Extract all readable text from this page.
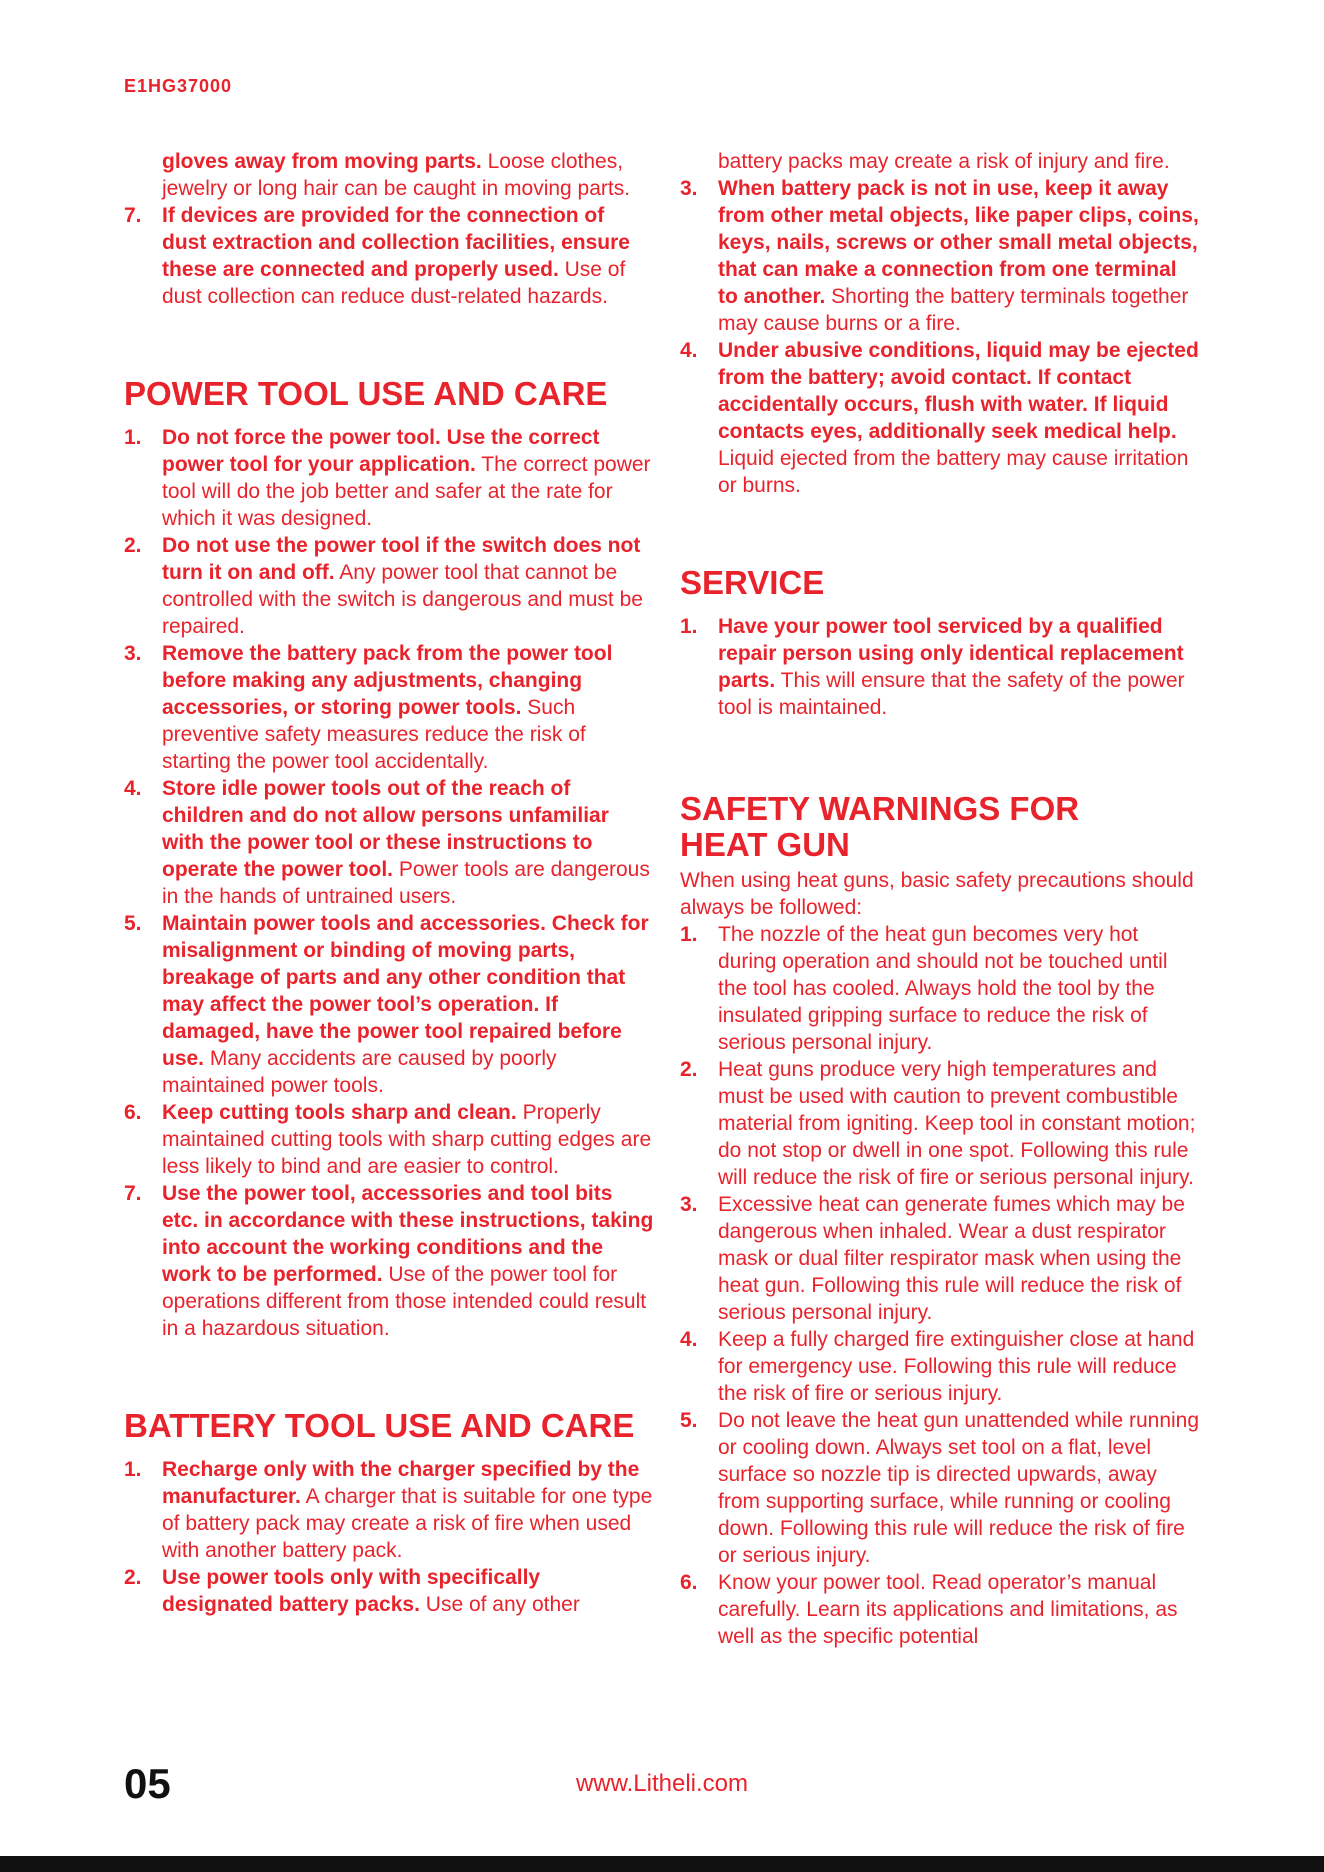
E1HG37000
gloves away from moving parts. Loose clothes, jewelry or long hair can be caught in moving parts.
7. If devices are provided for the connection of dust extraction and collection facilities, ensure these are connected and properly used. Use of dust collection can reduce dust-related hazards.
POWER TOOL USE AND CARE
1. Do not force the power tool. Use the correct power tool for your application. The correct power tool will do the job better and safer at the rate for which it was designed.
2. Do not use the power tool if the switch does not turn it on and off. Any power tool that cannot be controlled with the switch is dangerous and must be repaired.
3. Remove the battery pack from the power tool before making any adjustments, changing accessories, or storing power tools. Such preventive safety measures reduce the risk of starting the power tool accidentally.
4. Store idle power tools out of the reach of children and do not allow persons unfamiliar with the power tool or these instructions to operate the power tool. Power tools are dangerous in the hands of untrained users.
5. Maintain power tools and accessories. Check for misalignment or binding of moving parts, breakage of parts and any other condition that may affect the power tool’s operation. If damaged, have the power tool repaired before use. Many accidents are caused by poorly maintained power tools.
6. Keep cutting tools sharp and clean. Properly maintained cutting tools with sharp cutting edges are less likely to bind and are easier to control.
7. Use the power tool, accessories and tool bits etc. in accordance with these instructions, taking into account the working conditions and the work to be performed. Use of the power tool for operations different from those intended could result in a hazardous situation.
BATTERY TOOL USE AND CARE
1. Recharge only with the charger specified by the manufacturer. A charger that is suitable for one type of battery pack may create a risk of fire when used with another battery pack.
2. Use power tools only with specifically designated battery packs. Use of any other
battery packs may create a risk of injury and fire.
3. When battery pack is not in use, keep it away from other metal objects, like paper clips, coins, keys, nails, screws or other small metal objects, that can make a connection from one terminal to another. Shorting the battery terminals together may cause burns or a fire.
4. Under abusive conditions, liquid may be ejected from the battery; avoid contact. If contact accidentally occurs, flush with water. If liquid contacts eyes, additionally seek medical help. Liquid ejected from the battery may cause irritation or burns.
SERVICE
1. Have your power tool serviced by a qualified repair person using only identical replacement parts. This will ensure that the safety of the power tool is maintained.
SAFETY WARNINGS FOR
HEAT GUN

When using heat guns, basic safety precautions should always be followed:

1. The nozzle of the heat gun becomes very hot during operation and should not be touched until the tool has cooled. Always hold the tool by the insulated gripping surface to reduce the risk of serious personal injury.
2. Heat guns produce very high temperatures and must be used with caution to prevent combustible material from igniting. Keep tool in constant motion; do not stop or dwell in one spot. Following this rule will reduce the risk of fire or serious personal injury.
3. Excessive heat can generate fumes which may be dangerous when inhaled. Wear a dust respirator mask or dual filter respirator mask when using the heat gun. Following this rule will reduce the risk of serious personal injury.
4. Keep a fully charged fire extinguisher close at hand for emergency use. Following this rule will reduce the risk of fire or serious injury.
5. Do not leave the heat gun unattended while running or cooling down. Always set tool on a flat, level surface so nozzle tip is directed upwards, away from supporting surface, while running or cooling down. Following this rule will reduce the risk of fire or serious injury.
6. Know your power tool. Read operator’s manual carefully. Learn its applications and limitations, as well as the specific potential
05	www.Litheli.com
